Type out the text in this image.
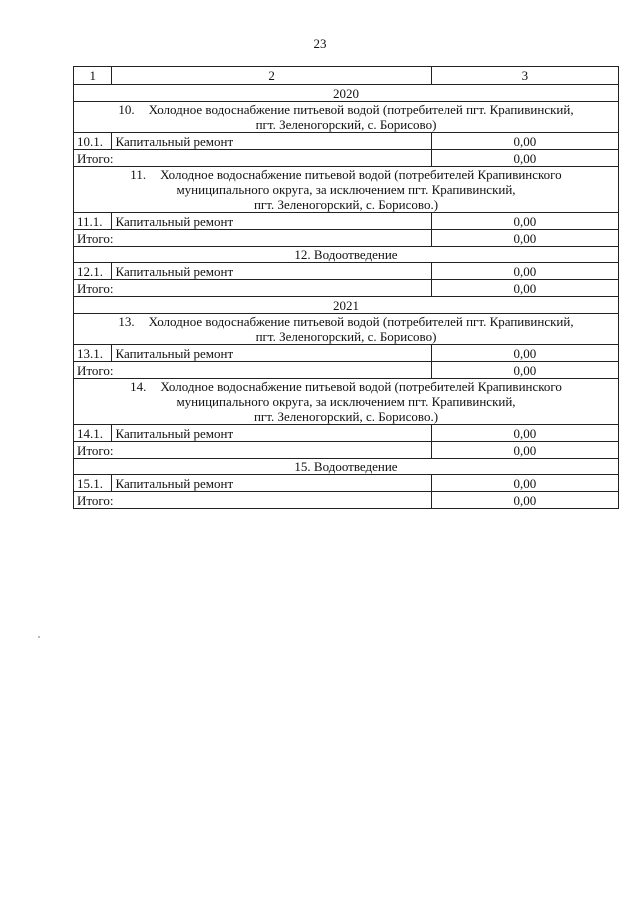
23
1	2	3
2020		

10. Холодное водоснабжение питьевой водой (потребителей пгт. Крапивинский,
пгт. Зеленогорский, с. Борисово)		

10.1.	Капитальный ремонт	0,00
Итого:		0,00

11. Холодное водоснабжение питьевой водой (потребителей Крапивинского
муниципального округа, за исключением пгт. Крапивинский,
пгт. Зеленогорский, с. Борисово.)		

11.1.	Капитальный ремонт	0,00
Итого:		0,00

12. Водоотведение		

12.1.	Капитальный ремонт	0,00
Итого:		0,00
2021		

13. Холодное водоснабжение питьевой водой (потребителей пгт. Крапивинский,
пгт. Зеленогорский, с. Борисово)		

13.1.	Капитальный ремонт	0,00
Итого:		0,00

14. Холодное водоснабжение питьевой водой (потребителей Крапивинского
муниципального округа, за исключением пгт. Крапивинский,
пгт. Зеленогорский, с. Борисово.)		

14.1.	Капитальный ремонт	0,00
Итого:		0,00

15. Водоотведение		

15.1.	Капитальный ремонт	0,00
Итого:		0,00
